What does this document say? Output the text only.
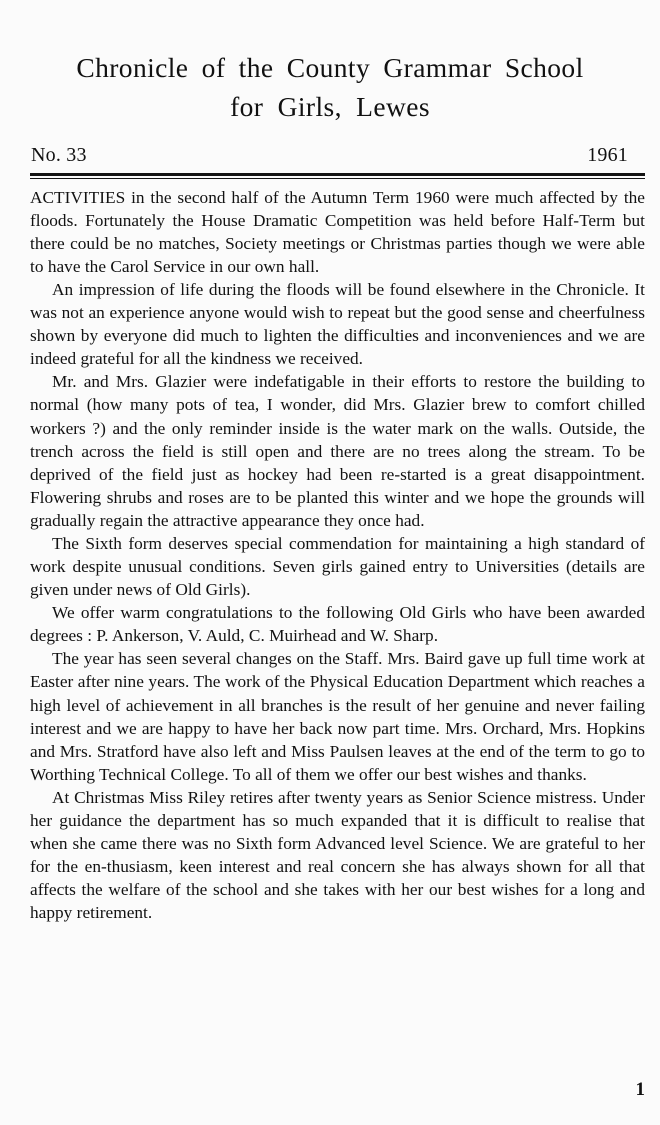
Chronicle of the County Grammar School
for Girls, Lewes
No. 33	1961

ACTIVITIES in the second half of the Autumn Term 1960 were much affected by the floods. Fortunately the House Dramatic Competition was held before Half-Term but there could be no matches, Society meetings or Christmas parties though we were able to have the Carol Service in our own hall.

An impression of life during the floods will be found elsewhere in the Chronicle. It was not an experience anyone would wish to repeat but the good sense and cheerfulness shown by everyone did much to lighten the difficulties and inconveniences and we are indeed grateful for all the kindness we received.

Mr. and Mrs. Glazier were indefatigable in their efforts to restore the building to normal (how many pots of tea, I wonder, did Mrs. Glazier brew to comfort chilled workers ?) and the only reminder inside is the water mark on the walls. Outside, the trench across the field is still open and there are no trees along the stream. To be deprived of the field just as hockey had been re-started is a great disappointment. Flowering shrubs and roses are to be planted this winter and we hope the grounds will gradually regain the attractive appearance they once had.

The Sixth form deserves special commendation for maintaining a high standard of work despite unusual conditions. Seven girls gained entry to Universities (details are given under news of Old Girls).

We offer warm congratulations to the following Old Girls who have been awarded degrees : P. Ankerson, V. Auld, C. Muirhead and W. Sharp.

The year has seen several changes on the Staff. Mrs. Baird gave up full time work at Easter after nine years. The work of the Physical Education Department which reaches a high level of achievement in all branches is the result of her genuine and never failing interest and we are happy to have her back now part time. Mrs. Orchard, Mrs. Hopkins and Mrs. Stratford have also left and Miss Paulsen leaves at the end of the term to go to Worthing Technical College. To all of them we offer our best wishes and thanks.

At Christmas Miss Riley retires after twenty years as Senior Science mistress. Under her guidance the department has so much expanded that it is difficult to realise that when she came there was no Sixth form Advanced level Science. We are grateful to her for the en-thusiasm, keen interest and real concern she has always shown for all that affects the welfare of the school and she takes with her our best wishes for a long and happy retirement.

1
